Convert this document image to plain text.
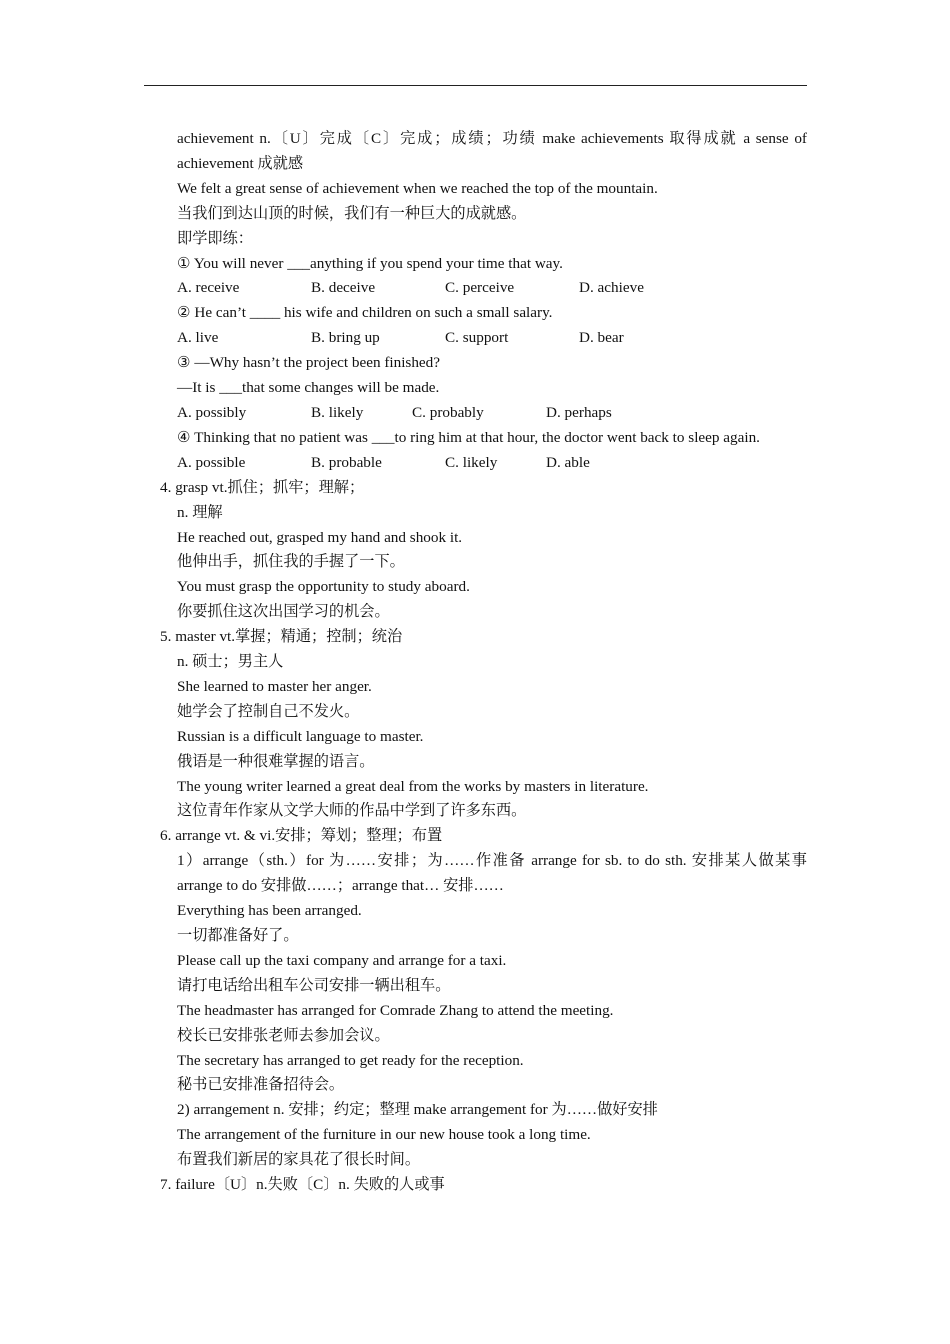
achievement n.〔U〕完成〔C〕完成；成绩；功绩 make achievements 取得成就 a sense of achievement 成就感
We felt a great sense of achievement when we reached the top of the mountain.
当我们到达山顶的时候，我们有一种巨大的成就感。
即学即练：
① You will never ___anything if you spend your time that way.
A. receive	B. deceive	C. perceive	D. achieve
② He can’t ____ his wife and children on such a small salary.
A. live	B. bring up	C. support	D. bear
③ —Why hasn’t the project been finished?
—It is ___that some changes will be made.
A. possibly	B. likely	C. probably	D. perhaps
④ Thinking that no patient was ___to ring him at that hour, the doctor went back to sleep again.
A. possible	B. probable	C. likely	D. able
4. grasp vt.抓住；抓牢；理解；
n. 理解
He reached out, grasped my hand and shook it.
他伸出手，抓住我的手握了一下。
You must grasp the opportunity to study aboard.
你要抓住这次出国学习的机会。
5. master vt.掌握；精通；控制；统治
n. 硕士；男主人
She learned to master her anger.
她学会了控制自己不发火。
Russian is a difficult language to master.
俄语是一种很难掌握的语言。
The young writer learned a great deal from the works by masters in literature.
这位青年作家从文学大师的作品中学到了许多东西。
6. arrange vt. & vi.安排；筹划；整理；布置
1）arrange（sth.）for 为……安排；为……作准备 arrange for sb. to do sth. 安排某人做某事 arrange to do 安排做……；arrange that… 安排……
Everything has been arranged.
一切都准备好了。
Please call up the taxi company and arrange for a taxi.
请打电话给出租车公司安排一辆出租车。
The headmaster has arranged for Comrade Zhang to attend the meeting.
校长已安排张老师去参加会议。
The secretary has arranged to get ready for the reception.
秘书已安排准备招待会。
2) arrangement n. 安排；约定；整理 make arrangement for 为……做好安排
The arrangement of the furniture in our new house took a long time.
布置我们新居的家具花了很长时间。
7. failure〔U〕n.失败〔C〕n. 失败的人或事
